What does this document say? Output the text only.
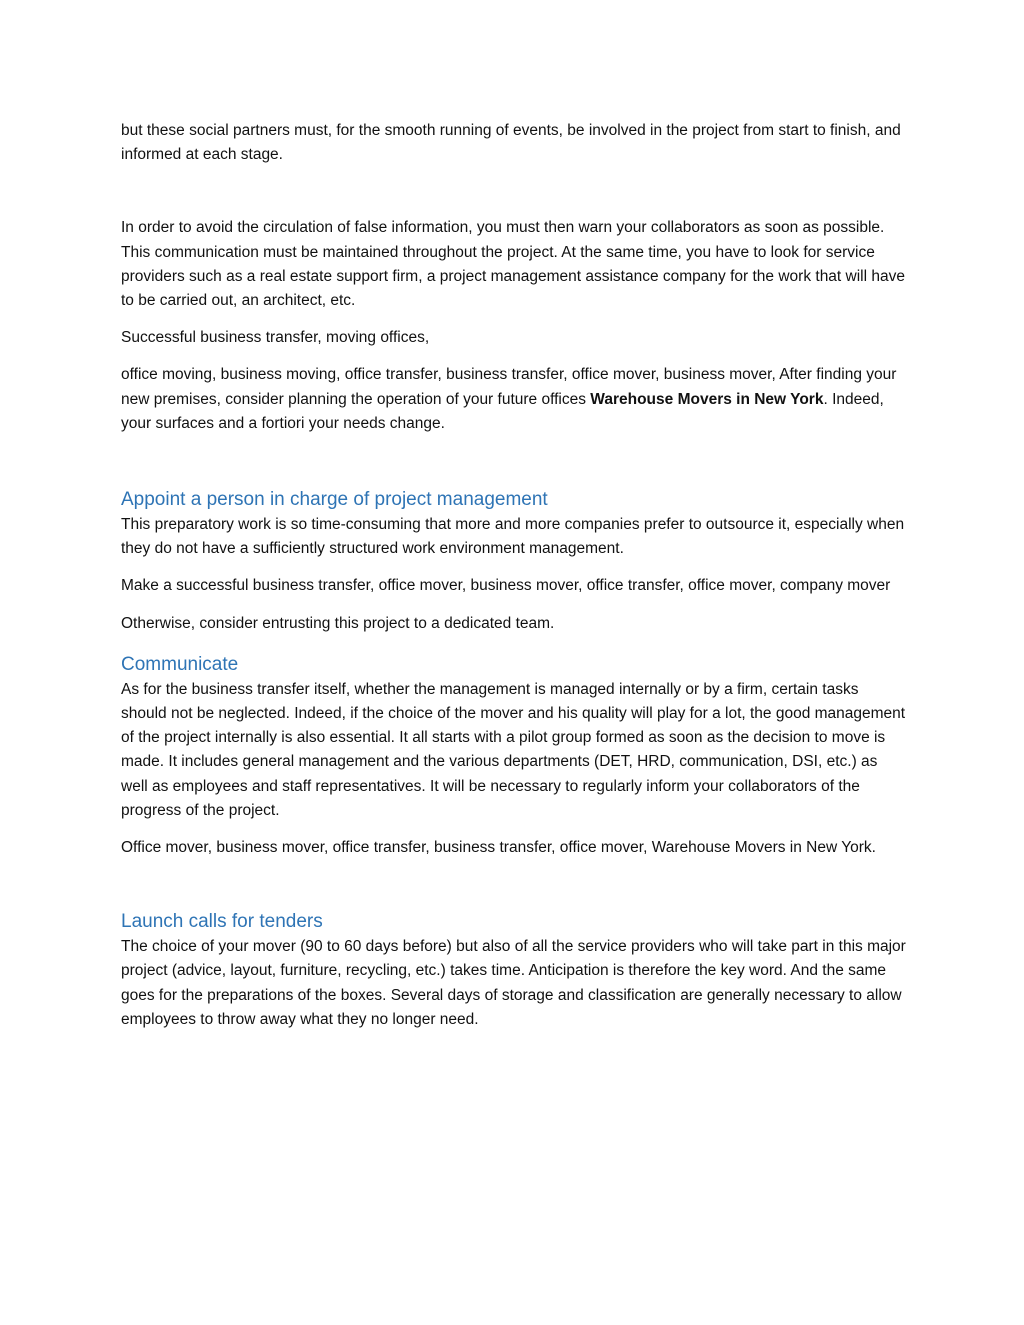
but these social partners must, for the smooth running of events, be involved in the project from start to finish, and informed at each stage.

In order to avoid the circulation of false information, you must then warn your collaborators as soon as possible. This communication must be maintained throughout the project. At the same time, you have to look for service providers such as a real estate support firm, a project management assistance company for the work that will have to be carried out, an architect, etc.

Successful business transfer, moving offices,

office moving, business moving, office transfer, business transfer, office mover, business mover, After finding your new premises, consider planning the operation of your future offices Warehouse Movers in New York. Indeed, your surfaces and a fortiori your needs change.

Appoint a person in charge of project management

This preparatory work is so time-consuming that more and more companies prefer to outsource it, especially when they do not have a sufficiently structured work environment management.

Make a successful business transfer, office mover, business mover, office transfer, office mover, company mover

Otherwise, consider entrusting this project to a dedicated team.

Communicate

As for the business transfer itself, whether the management is managed internally or by a firm, certain tasks should not be neglected. Indeed, if the choice of the mover and his quality will play for a lot, the good management of the project internally is also essential. It all starts with a pilot group formed as soon as the decision to move is made. It includes general management and the various departments (DET, HRD, communication, DSI, etc.) as well as employees and staff representatives. It will be necessary to regularly inform your collaborators of the progress of the project.

Office mover, business mover, office transfer, business transfer, office mover, Warehouse Movers in New York.

Launch calls for tenders

The choice of your mover (90 to 60 days before) but also of all the service providers who will take part in this major project (advice, layout, furniture, recycling, etc.) takes time. Anticipation is therefore the key word. And the same goes for the preparations of the boxes. Several days of storage and classification are generally necessary to allow employees to throw away what they no longer need.
